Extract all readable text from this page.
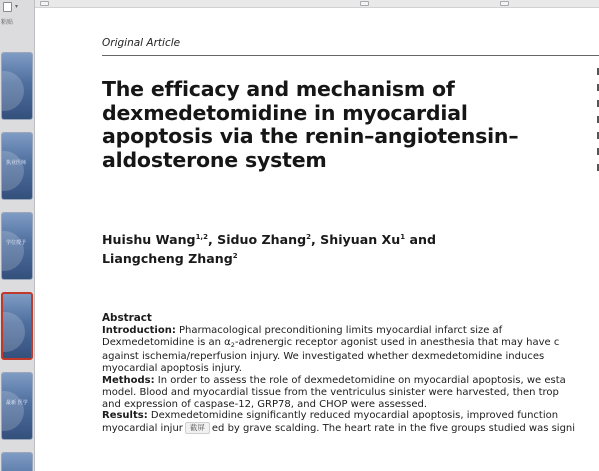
▾
粘贴
执业医师
学位授予
最新 医学
Original Article
The efficacy and mechanism of
dexmedetomidine in myocardial
apoptosis via the renin–angiotensin–
aldosterone system
Huishu Wang$^{1,2}$, Siduo Zhang$^2$, Shiyuan Xu$^1$ and
Liangcheng Zhang$^2$
Abstract
Introduction: Pharmacological preconditioning limits myocardial infarct size af
Dexmedetomidine is an $\alpha_2$-adrenergic receptor agonist used in anesthesia that may have c
against ischemia/reperfusion injury. We investigated whether dexmedetomidine induces
myocardial apoptosis injury.
Methods: In order to assess the role of dexmedetomidine on myocardial apoptosis, we esta
model. Blood and myocardial tissue from the ventriculus sinister were harvested, then trop
and expression of caspase-12, GRP78, and CHOP were assessed.
Results: Dexmedetomidine significantly reduced myocardial apoptosis, improved function
myocardial injur 截屏 ed by grave scalding. The heart rate in the five groups studied was signi
